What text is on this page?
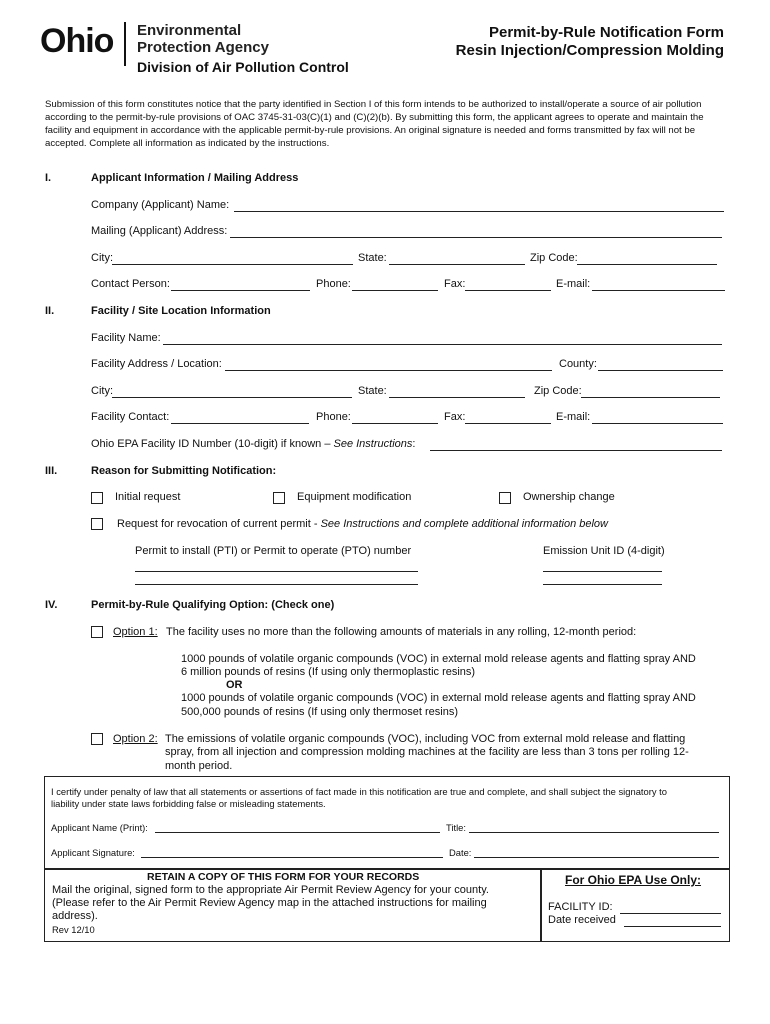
Ohio Environmental
Protection Agency
Division of Air Pollution Control
Permit-by-Rule Notification Form
Resin Injection/Compression Molding
Submission of this form constitutes notice that the party identified in Section I of this form intends to be authorized to install/operate a source of air pollution according to the permit-by-rule provisions of OAC 3745-31-03(C)(1) and (C)(2)(b). By submitting this form, the applicant agrees to operate and maintain the facility and equipment in accordance with the applicable permit-by-rule provisions. An original signature is needed and forms transmitted by fax will not be accepted. Complete all information as indicated by the instructions.
I.	Applicant Information / Mailing Address
Company (Applicant) Name:
Mailing (Applicant) Address:
City:	State:	Zip Code:
Contact Person:	Phone:	Fax:	E-mail:
II.	Facility / Site Location Information
Facility Name:
Facility Address / Location:	County:
City:	State:	Zip Code:
Facility Contact:	Phone:	Fax:	E-mail:
Ohio EPA Facility ID Number (10-digit) if known – See Instructions:
III.	Reason for Submitting Notification:
Initial request	Equipment modification	Ownership change
Request for revocation of current permit - See Instructions and complete additional information below
Permit to install (PTI) or Permit to operate (PTO) number	Emission Unit ID (4-digit)
IV.	Permit-by-Rule Qualifying Option: (Check one)
Option 1: The facility uses no more than the following amounts of materials in any rolling, 12-month period:
1000 pounds of volatile organic compounds (VOC) in external mold release agents and flatting spray AND
6 million pounds of resins (If using only thermoplastic resins)
OR
1000 pounds of volatile organic compounds (VOC) in external mold release agents and flatting spray AND
500,000 pounds of resins (If using only thermoset resins)
Option 2: The emissions of volatile organic compounds (VOC), including VOC from external mold release and flatting
spray, from all injection and compression molding machines at the facility are less than 3 tons per rolling 12-
month period.
I certify under penalty of law that all statements or assertions of fact made in this notification are true and complete, and shall subject the signatory to
liability under state laws forbidding false or misleading statements.
Applicant Name (Print):	Title:
Applicant Signature:	Date:
RETAIN A COPY OF THIS FORM FOR YOUR RECORDS
Mail the original, signed form to the appropriate Air Permit Review Agency for your county.
(Please refer to the Air Permit Review Agency map in the attached instructions for mailing
address).
Rev 12/10
For Ohio EPA Use Only:
FACILITY ID:
Date received
